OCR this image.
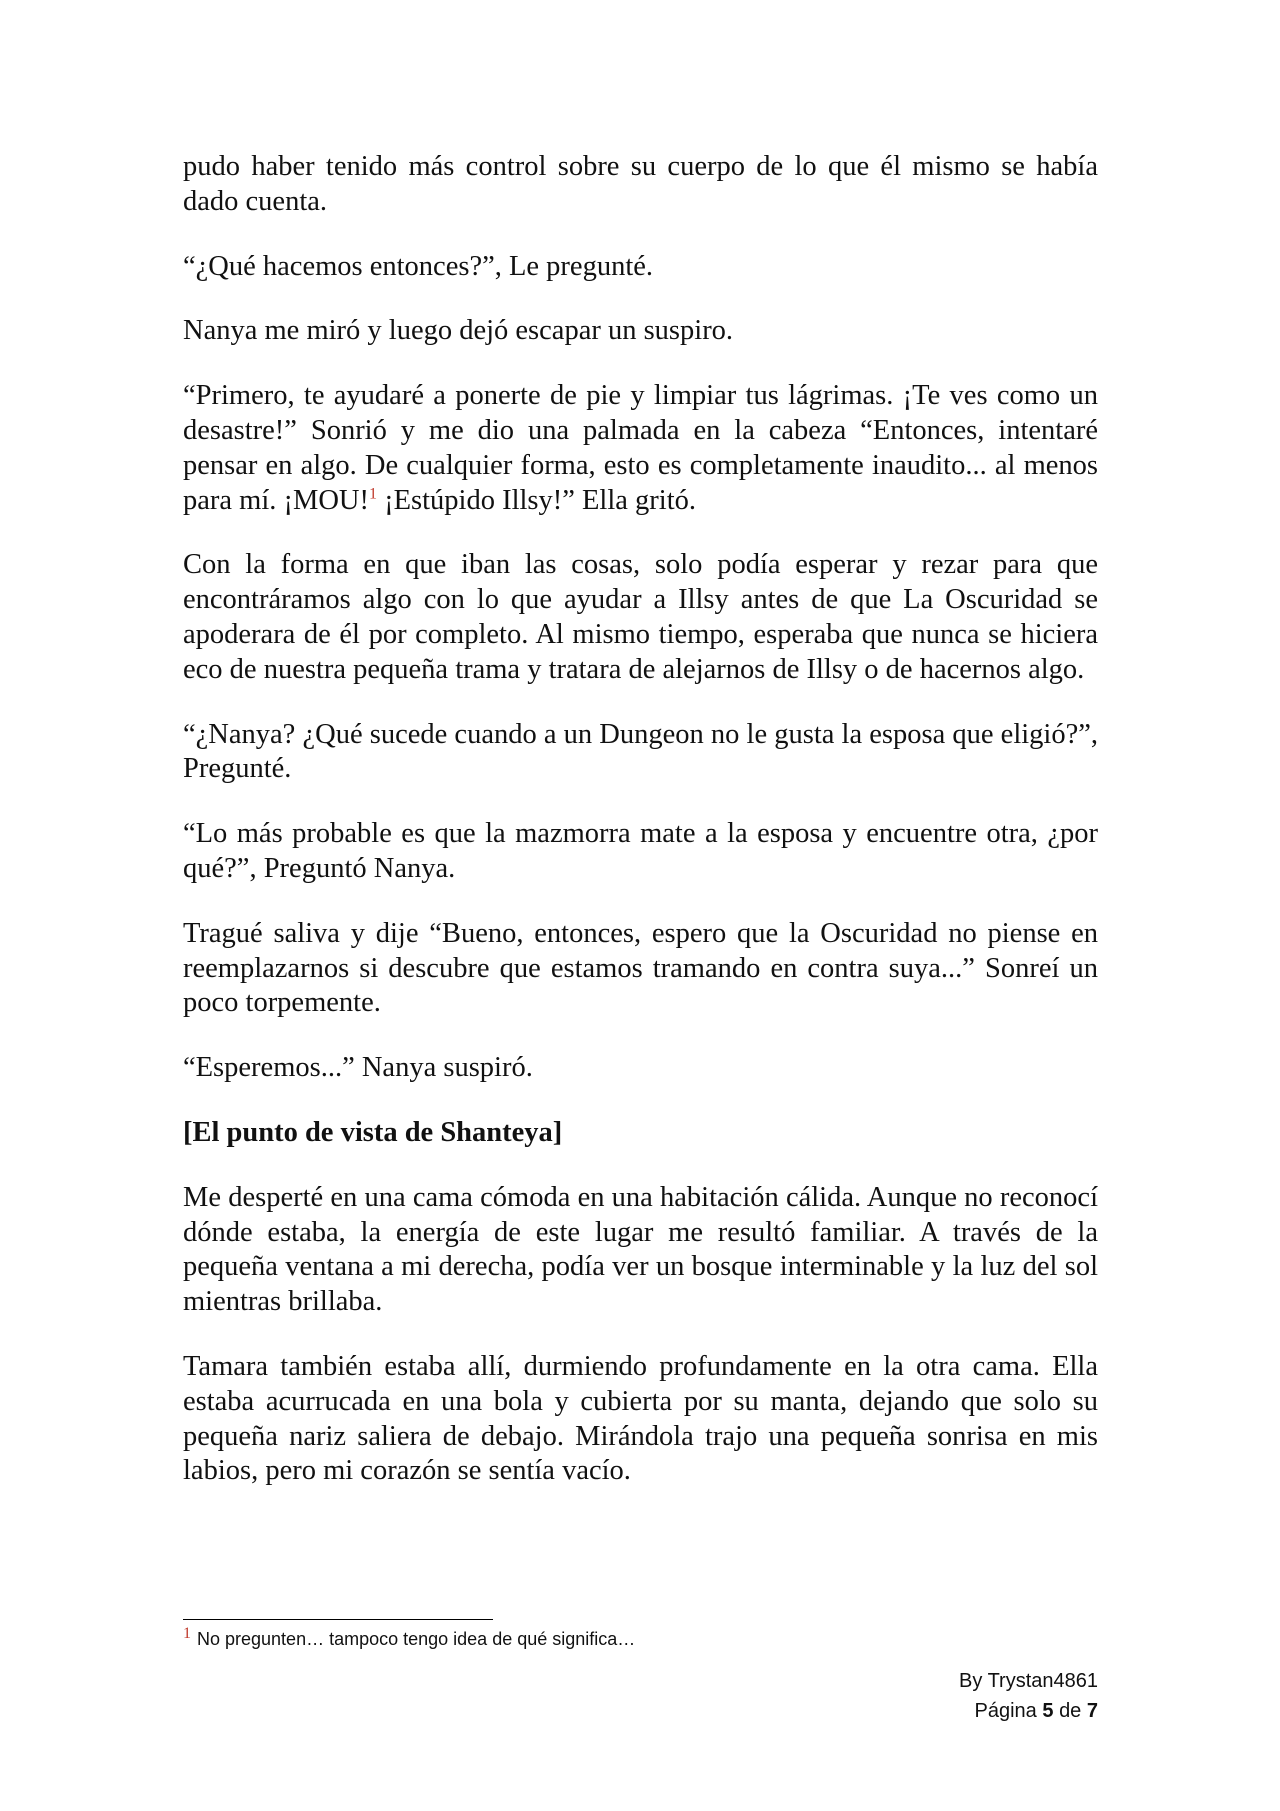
pudo haber tenido más control sobre su cuerpo de lo que él mismo se había dado cuenta.

“¿Qué hacemos entonces?”, Le pregunté.

Nanya me miró y luego dejó escapar un suspiro.

“Primero, te ayudaré a ponerte de pie y limpiar tus lágrimas. ¡Te ves como un desastre!” Sonrió y me dio una palmada en la cabeza “Entonces, intentaré pensar en algo. De cualquier forma, esto es completamente inaudito... al menos para mí. ¡MOU!$^1$ ¡Estúpido Illsy!” Ella gritó.

Con la forma en que iban las cosas, solo podía esperar y rezar para que encontráramos algo con lo que ayudar a Illsy antes de que La Oscuridad se apoderara de él por completo. Al mismo tiempo, esperaba que nunca se hiciera eco de nuestra pequeña trama y tratara de alejarnos de Illsy o de hacernos algo.

“¿Nanya? ¿Qué sucede cuando a un Dungeon no le gusta la esposa que eligió?”, Pregunté.

“Lo más probable es que la mazmorra mate a la esposa y encuentre otra, ¿por qué?”, Preguntó Nanya.

Tragué saliva y dije “Bueno, entonces, espero que la Oscuridad no piense en reemplazarnos si descubre que estamos tramando en contra suya...” Sonreí un poco torpemente.

“Esperemos...” Nanya suspiró.

[El punto de vista de Shanteya]

Me desperté en una cama cómoda en una habitación cálida. Aunque no reconocí dónde estaba, la energía de este lugar me resultó familiar. A través de la pequeña ventana a mi derecha, podía ver un bosque interminable y la luz del sol mientras brillaba.

Tamara también estaba allí, durmiendo profundamente en la otra cama. Ella estaba acurrucada en una bola y cubierta por su manta, dejando que solo su pequeña nariz saliera de debajo. Mirándola trajo una pequeña sonrisa en mis labios, pero mi corazón se sentía vacío.

1 No pregunten… tampoco tengo idea de qué significa…
By Trystan4861
Página 5 de 7
